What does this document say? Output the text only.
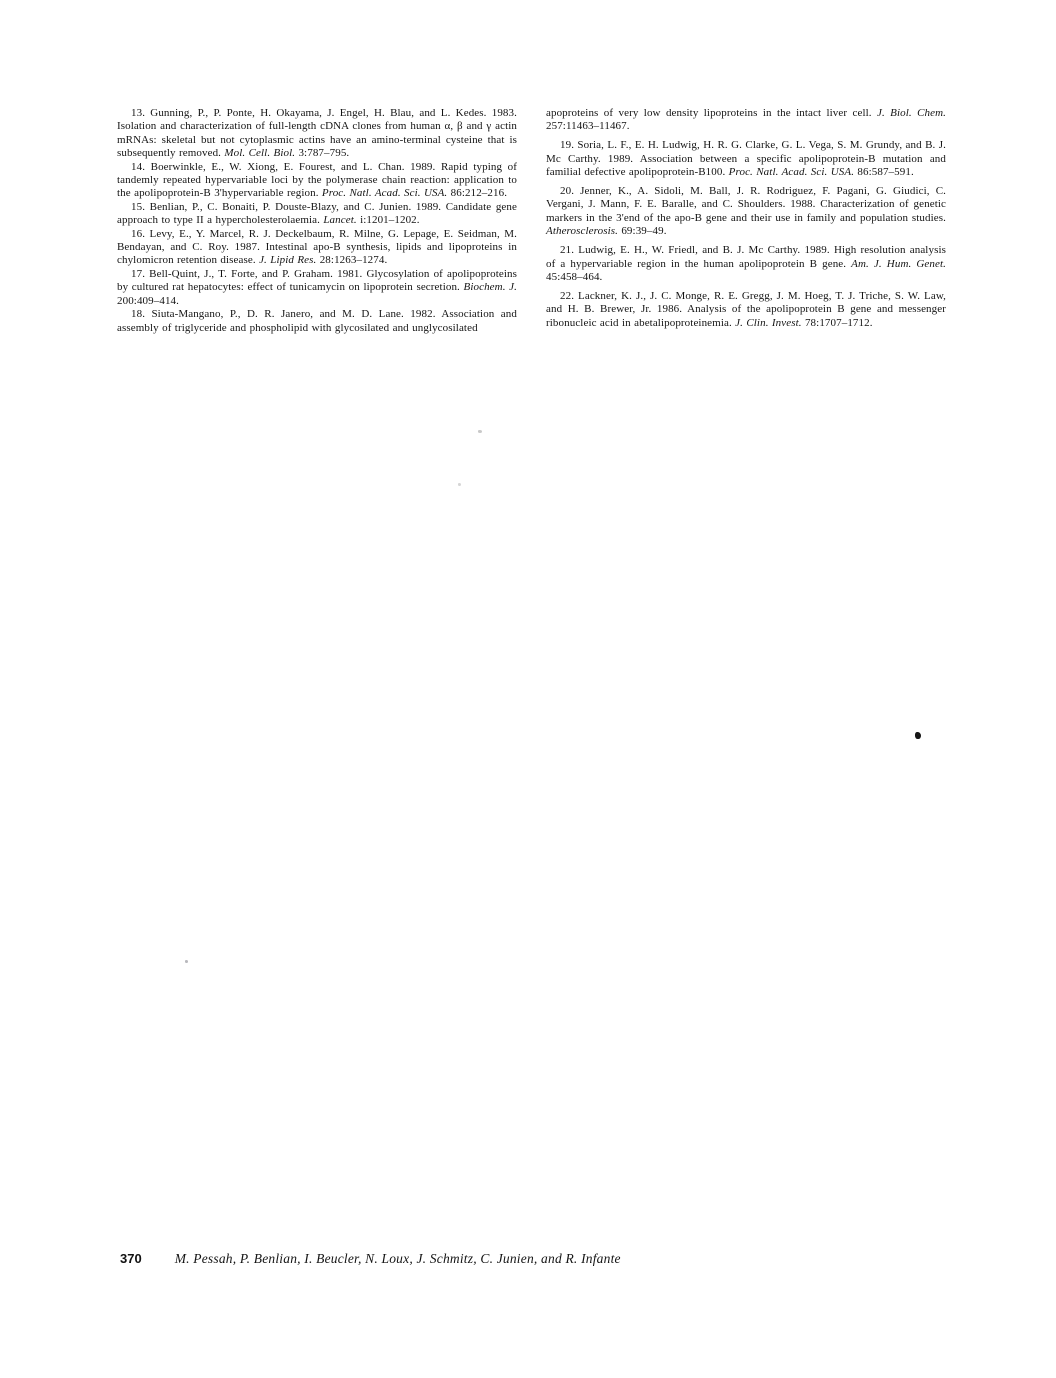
13. Gunning, P., P. Ponte, H. Okayama, J. Engel, H. Blau, and L. Kedes. 1983. Isolation and characterization of full-length cDNA clones from human α, β and γ actin mRNAs: skeletal but not cytoplasmic actins have an amino-terminal cysteine that is subsequently removed. Mol. Cell. Biol. 3:787–795.

14. Boerwinkle, E., W. Xiong, E. Fourest, and L. Chan. 1989. Rapid typing of tandemly repeated hypervariable loci by the polymerase chain reaction: application to the apolipoprotein-B 3'hypervariable region. Proc. Natl. Acad. Sci. USA. 86:212–216.

15. Benlian, P., C. Bonaiti, P. Douste-Blazy, and C. Junien. 1989. Candidate gene approach to type II a hypercholesterolaemia. Lancet. i:1201–1202.

16. Levy, E., Y. Marcel, R. J. Deckelbaum, R. Milne, G. Lepage, E. Seidman, M. Bendayan, and C. Roy. 1987. Intestinal apo-B synthesis, lipids and lipoproteins in chylomicron retention disease. J. Lipid Res. 28:1263–1274.

17. Bell-Quint, J., T. Forte, and P. Graham. 1981. Glycosylation of apolipoproteins by cultured rat hepatocytes: effect of tunicamycin on lipoprotein secretion. Biochem. J. 200:409–414.

18. Siuta-Mangano, P., D. R. Janero, and M. D. Lane. 1982. Association and assembly of triglyceride and phospholipid with glycosilated and unglycosilated

apoproteins of very low density lipoproteins in the intact liver cell. J. Biol. Chem. 257:11463–11467.

19. Soria, L. F., E. H. Ludwig, H. R. G. Clarke, G. L. Vega, S. M. Grundy, and B. J. Mc Carthy. 1989. Association between a specific apolipoprotein-B mutation and familial defective apolipoprotein-B100. Proc. Natl. Acad. Sci. USA. 86:587–591.

20. Jenner, K., A. Sidoli, M. Ball, J. R. Rodriguez, F. Pagani, G. Giudici, C. Vergani, J. Mann, F. E. Baralle, and C. Shoulders. 1988. Characterization of genetic markers in the 3'end of the apo-B gene and their use in family and population studies. Atherosclerosis. 69:39–49.

21. Ludwig, E. H., W. Friedl, and B. J. Mc Carthy. 1989. High resolution analysis of a hypervariable region in the human apolipoprotein B gene. Am. J. Hum. Genet. 45:458–464.

22. Lackner, K. J., J. C. Monge, R. E. Gregg, J. M. Hoeg, T. J. Triche, S. W. Law, and H. B. Brewer, Jr. 1986. Analysis of the apolipoprotein B gene and messenger ribonucleic acid in abetalipoproteinemia. J. Clin. Invest. 78:1707–1712.

370 M. Pessah, P. Benlian, I. Beucler, N. Loux, J. Schmitz, C. Junien, and R. Infante
